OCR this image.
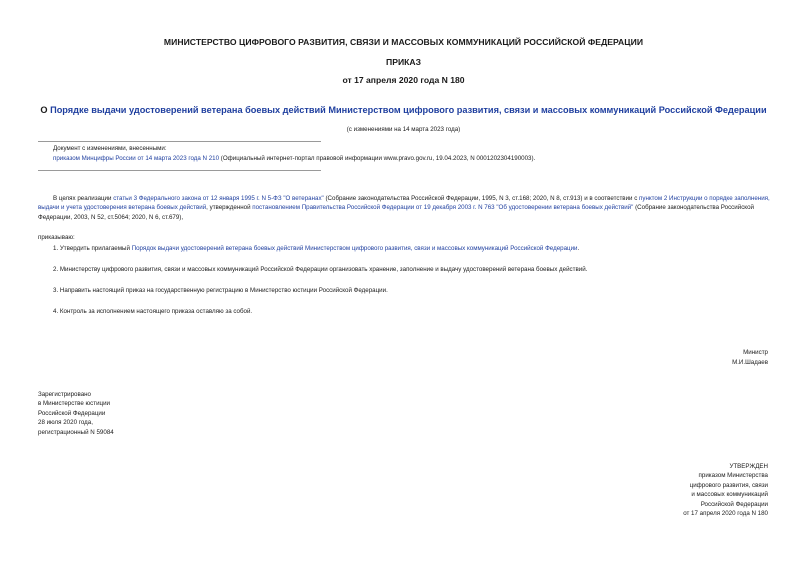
МИНИСТЕРСТВО ЦИФРОВОГО РАЗВИТИЯ, СВЯЗИ И МАССОВЫХ КОММУНИКАЦИЙ РОССИЙСКОЙ ФЕДЕРАЦИИ
ПРИКАЗ
от 17 апреля 2020 года N 180
О Порядке выдачи удостоверений ветерана боевых действий Министерством цифрового развития, связи и массовых коммуникаций Российской Федерации
(с изменениями на 14 марта 2023 года)
Документ с изменениями, внесенными:
приказом Минцифры России от 14 марта 2023 года N 210 (Официальный интернет-портал правовой информации www.pravo.gov.ru, 19.04.2023, N 0001202304190003).
В целях реализации статьи 3 Федерального закона от 12 января 1995 г. N 5-ФЗ "О ветеранах" (Собрание законодательства Российской Федерации, 1995, N 3, ст.168; 2020, N 8, ст.913) и в соответствии с пунктом 2 Инструкции о порядке заполнения, выдачи и учета удостоверения ветерана боевых действий, утвержденной постановлением Правительства Российской Федерации от 19 декабря 2003 г. N 763 "Об удостоверении ветерана боевых действий" (Собрание законодательства Российской Федерации, 2003, N 52, ст.5064; 2020, N 6, ст.679),
приказываю:
1. Утвердить прилагаемый Порядок выдачи удостоверений ветерана боевых действий Министерством цифрового развития, связи и массовых коммуникаций Российской Федерации.
2. Министерству цифрового развития, связи и массовых коммуникаций Российской Федерации организовать хранение, заполнение и выдачу удостоверений ветерана боевых действий.
3. Направить настоящий приказ на государственную регистрацию в Министерство юстиции Российской Федерации.
4. Контроль за исполнением настоящего приказа оставляю за собой.
Министр
М.И.Шадаев
Зарегистрировано
в Министерстве юстиции
Российской Федерации
28 июля 2020 года,
регистрационный N 59084
УТВЕРЖДЕН
приказом Министерства
цифрового развития, связи
и массовых коммуникаций
Российской Федерации
от 17 апреля 2020 года N 180
